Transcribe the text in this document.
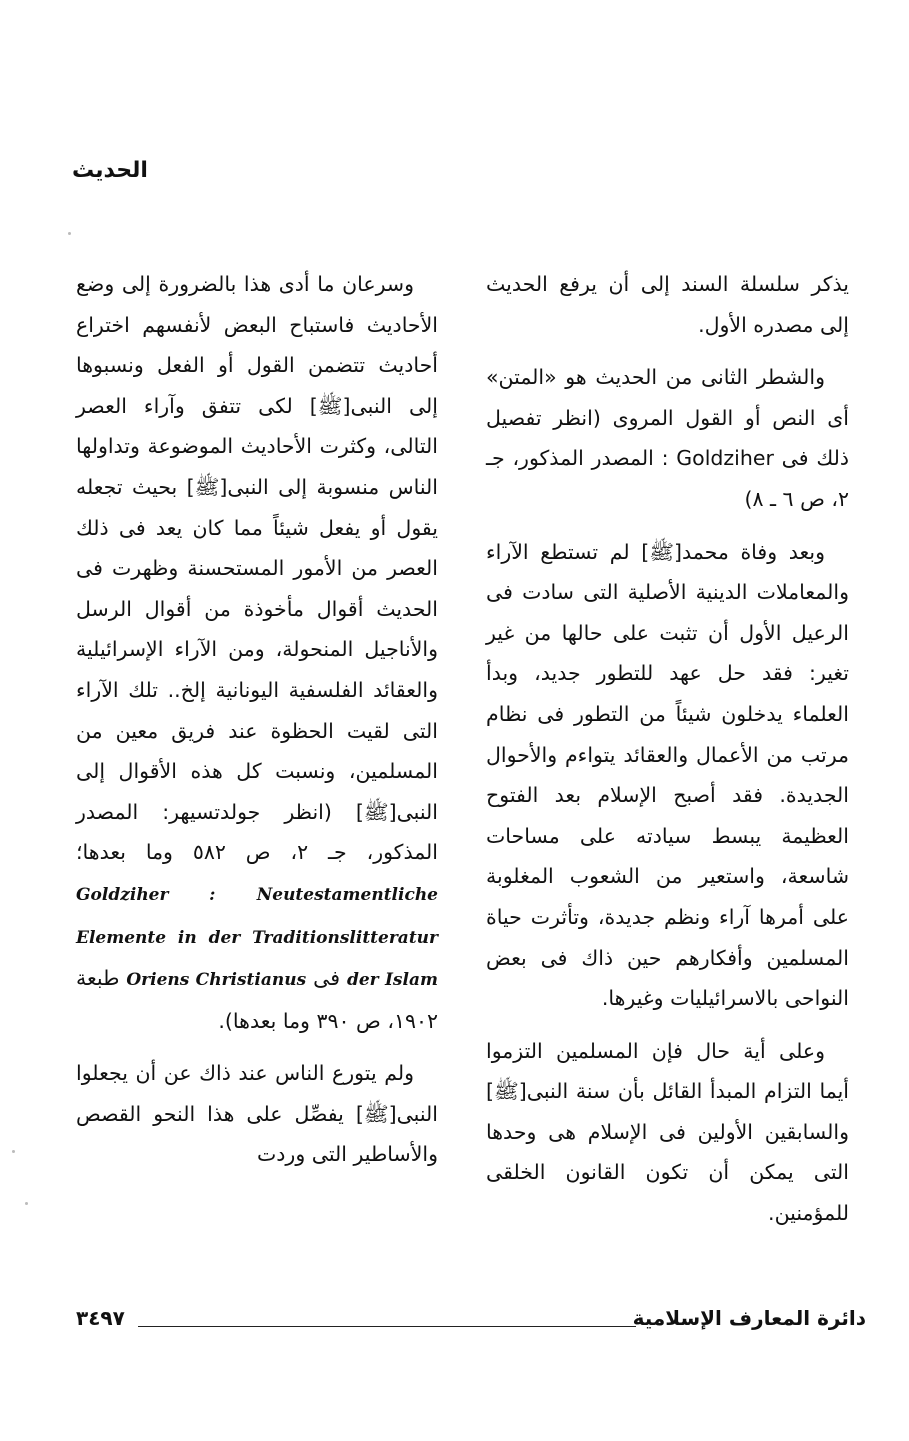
الحديث

يذكر سلسلة السند إلى أن يرفع الحديث إلى مصدره الأول.

والشطر الثانى من الحديث هو «المتن» أى النص أو القول المروى (انظر تفصيل ذلك فى Goldziher : المصدر المذكور، جـ ٢، ص ٦ ـ ٨)

وبعد وفاة محمد[ﷺ] لم تستطع الآراء والمعاملات الدينية الأصلية التى سادت فى الرعيل الأول أن تثبت على حالها من غير تغير: فقد حل عهد للتطور جديد، وبدأ العلماء يدخلون شيئاً من التطور فى نظام مرتب من الأعمال والعقائد يتواءم والأحوال الجديدة. فقد أصبح الإسلام بعد الفتوح العظيمة يبسط سيادته على مساحات شاسعة، واستعير من الشعوب المغلوبة على أمرها آراء ونظم جديدة، وتأثرت حياة المسلمين وأفكارهم حين ذاك فى بعض النواحى بالاسرائيليات وغيرها.

وعلى أية حال فإن المسلمين التزموا أيما التزام المبدأ القائل بأن سنة النبى[ﷺ] والسابقين الأولين فى الإسلام هى وحدها التى يمكن أن تكون القانون الخلقى للمؤمنين.

وسرعان ما أدى هذا بالضرورة إلى وضع الأحاديث فاستباح البعض لأنفسهم اختراع أحاديث تتضمن القول أو الفعل ونسبوها إلى النبى[ﷺ] لكى تتفق وآراء العصر التالى، وكثرت الأحاديث الموضوعة وتداولها الناس منسوبة إلى النبى[ﷺ] بحيث تجعله يقول أو يفعل شيئاً مما كان يعد فى ذلك العصر من الأمور المستحسنة وظهرت فى الحديث أقوال مأخوذة من أقوال الرسل والأناجيل المنحولة، ومن الآراء الإسرائيلية والعقائد الفلسفية اليونانية إلخ.. تلك الآراء التى لقيت الحظوة عند فريق معين من المسلمين، ونسبت كل هذه الأقوال إلى النبى[ﷺ] (انظر جولدتسيهر: المصدر المذكور، جـ ٢، ص ٥٨٢ وما بعدها؛ Goldziher : Neutestamentliche Elemente in der Traditionslitteratur der Islam فى Oriens Christianus طبعة ١٩٠٢، ص ٣٩٠ وما بعدها).

ولم يتورع الناس عند ذاك عن أن يجعلوا النبى[ﷺ] يفصِّل على هذا النحو القصص والأساطير التى وردت

٣٤٩٧	دائرة المعارف الإسلامية
